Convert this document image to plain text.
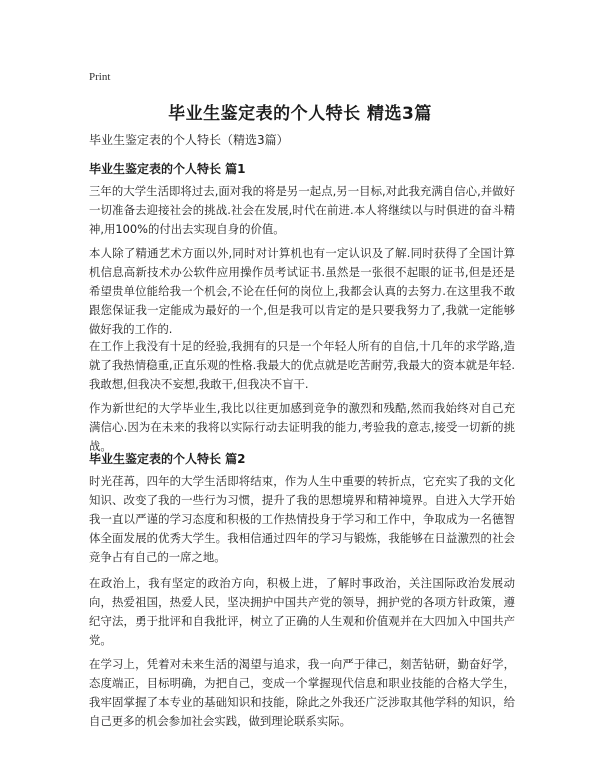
Print
毕业生鉴定表的个人特长 精选3篇
毕业生鉴定表的个人特长（精选3篇）
毕业生鉴定表的个人特长 篇1
三年的大学生活即将过去,面对我的将是另一起点,另一目标,对此我充满自信心,并做好一切准备去迎接社会的挑战.社会在发展,时代在前进.本人将继续以与时俱进的奋斗精神,用100%的付出去实现自身的价值。
本人除了精通艺术方面以外,同时对计算机也有一定认识及了解.同时获得了全国计算机信息高新技术办公软件应用操作员考试证书.虽然是一张很不起眼的证书,但是还是希望贵单位能给我一个机会,不论在任何的岗位上,我都会认真的去努力.在这里我不敢跟您保证我一定能成为最好的一个,但是我可以肯定的是只要我努力了,我就一定能够做好我的工作的.
在工作上我没有十足的经验,我拥有的只是一个年轻人所有的自信,十几年的求学路,造就了我热情稳重,正直乐观的性格.我最大的优点就是吃苦耐劳,我最大的资本就是年轻.我敢想,但我决不妄想,我敢干,但我决不盲干.
作为新世纪的大学毕业生,我比以往更加感到竞争的激烈和残酷,然而我始终对自己充满信心.因为在未来的我将以实际行动去证明我的能力,考验我的意志,接受一切新的挑战。
毕业生鉴定表的个人特长 篇2
时光荏苒，四年的大学生活即将结束，作为人生中重要的转折点，它充实了我的文化知识、改变了我的一些行为习惯，提升了我的思想境界和精神境界。自进入大学开始我一直以严谨的学习态度和积极的工作热情投身于学习和工作中，争取成为一名德智体全面发展的优秀大学生。我相信通过四年的学习与锻炼，我能够在日益激烈的社会竞争占有自己的一席之地。
在政治上，我有坚定的政治方向，积极上进，了解时事政治，关注国际政治发展动向，热爱祖国，热爱人民，坚决拥护中国共产党的领导，拥护党的各项方针政策，遵纪守法，勇于批评和自我批评，树立了正确的人生观和价值观并在大四加入中国共产党。
在学习上，凭着对未来生活的渴望与追求，我一向严于律己，刻苦钻研，勤奋好学，态度端正，目标明确，为把自己，变成一个掌握现代信息和职业技能的合格大学生，我牢固掌握了本专业的基础知识和技能，除此之外我还广泛涉取其他学科的知识，给自己更多的机会参加社会实践，做到理论联系实际。
